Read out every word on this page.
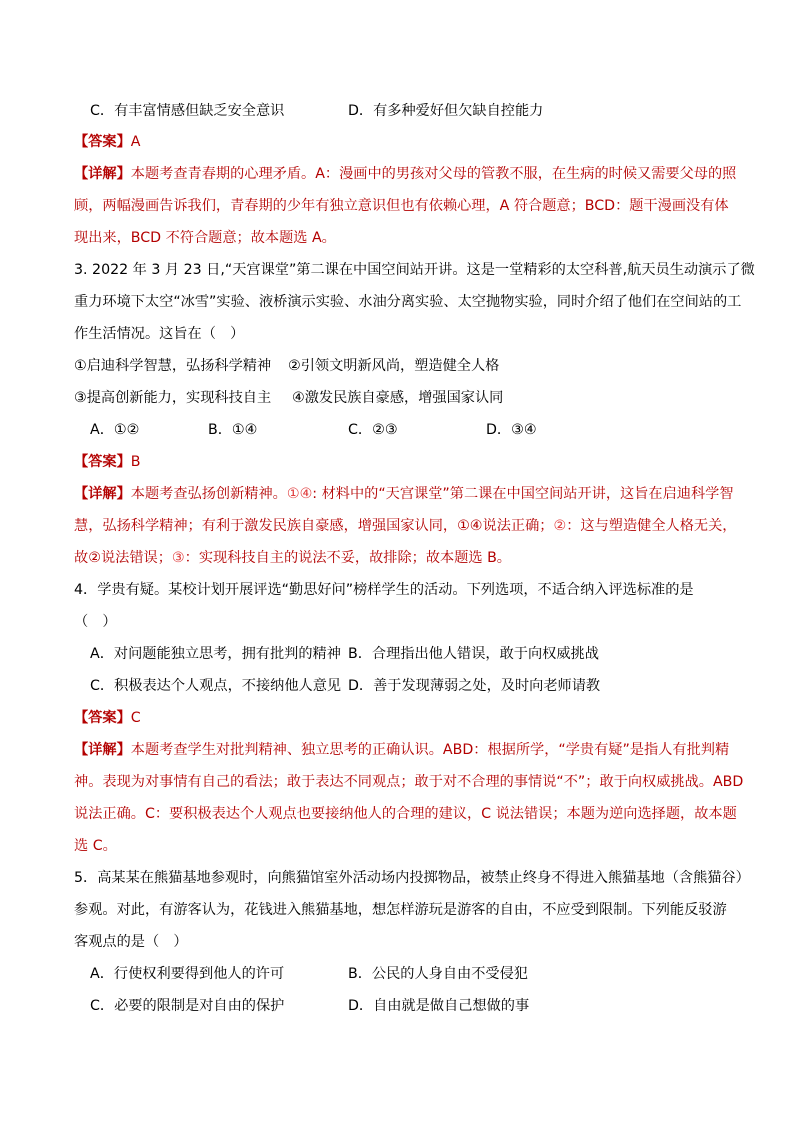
C．有丰富情感但缺乏安全意识	D．有多种爱好但欠缺自控能力
【答案】A
【详解】本题考查青春期的心理矛盾。A：漫画中的男孩对父母的管教不服，在生病的时候又需要父母的照
顾，两幅漫画告诉我们，青春期的少年有独立意识但也有依赖心理，A 符合题意；BCD：题干漫画没有体
现出来，BCD 不符合题意；故本题选 A。
3. 2022 年 3 月 23 日,“天宫课堂”第二课在中国空间站开讲。这是一堂精彩的太空科普,航天员生动演示了微
重力环境下太空“冰雪”实验、液桥演示实验、水油分离实验、太空抛物实验，同时介绍了他们在空间站的工
作生活情况。这旨在（　）
①启迪科学智慧，弘扬科学精神 ②引领文明新风尚，塑造健全人格
③提高创新能力，实现科技自主 ④激发民族自豪感，增强国家认同
A．①②	B．①④	C．②③	D．③④
【答案】B
【详解】本题考查弘扬创新精神。①④: 材料中的“天宫课堂”第二课在中国空间站开讲，这旨在启迪科学智
慧，弘扬科学精神；有利于激发民族自豪感，增强国家认同，①④说法正确；②：这与塑造健全人格无关，
故②说法错误；③：实现科技自主的说法不妥，故排除；故本题选 B。
4．学贵有疑。某校计划开展评选“勤思好问”榜样学生的活动。下列选项，不适合纳入评选标准的是
（　）
A．对问题能独立思考，拥有批判的精神 B．合理指出他人错误，敢于向权威挑战
C．积极表达个人观点，不接纳他人意见 D．善于发现薄弱之处，及时向老师请教
【答案】C
【详解】本题考查学生对批判精神、独立思考的正确认识。ABD：根据所学，“学贵有疑”是指人有批判精
神。表现为对事情有自己的看法；敢于表达不同观点；敢于对不合理的事情说“不”；敢于向权威挑战。ABD
说法正确。C：要积极表达个人观点也要接纳他人的合理的建议，C 说法错误；本题为逆向选择题，故本题
选 C。
5．高某某在熊猫基地参观时，向熊猫馆室外活动场内投掷物品，被禁止终身不得进入熊猫基地（含熊猫谷）
参观。对此，有游客认为，花钱进入熊猫基地，想怎样游玩是游客的自由，不应受到限制。下列能反驳游
客观点的是（　）
A．行使权利要得到他人的许可	B．公民的人身自由不受侵犯
C．必要的限制是对自由的保护	D．自由就是做自己想做的事
